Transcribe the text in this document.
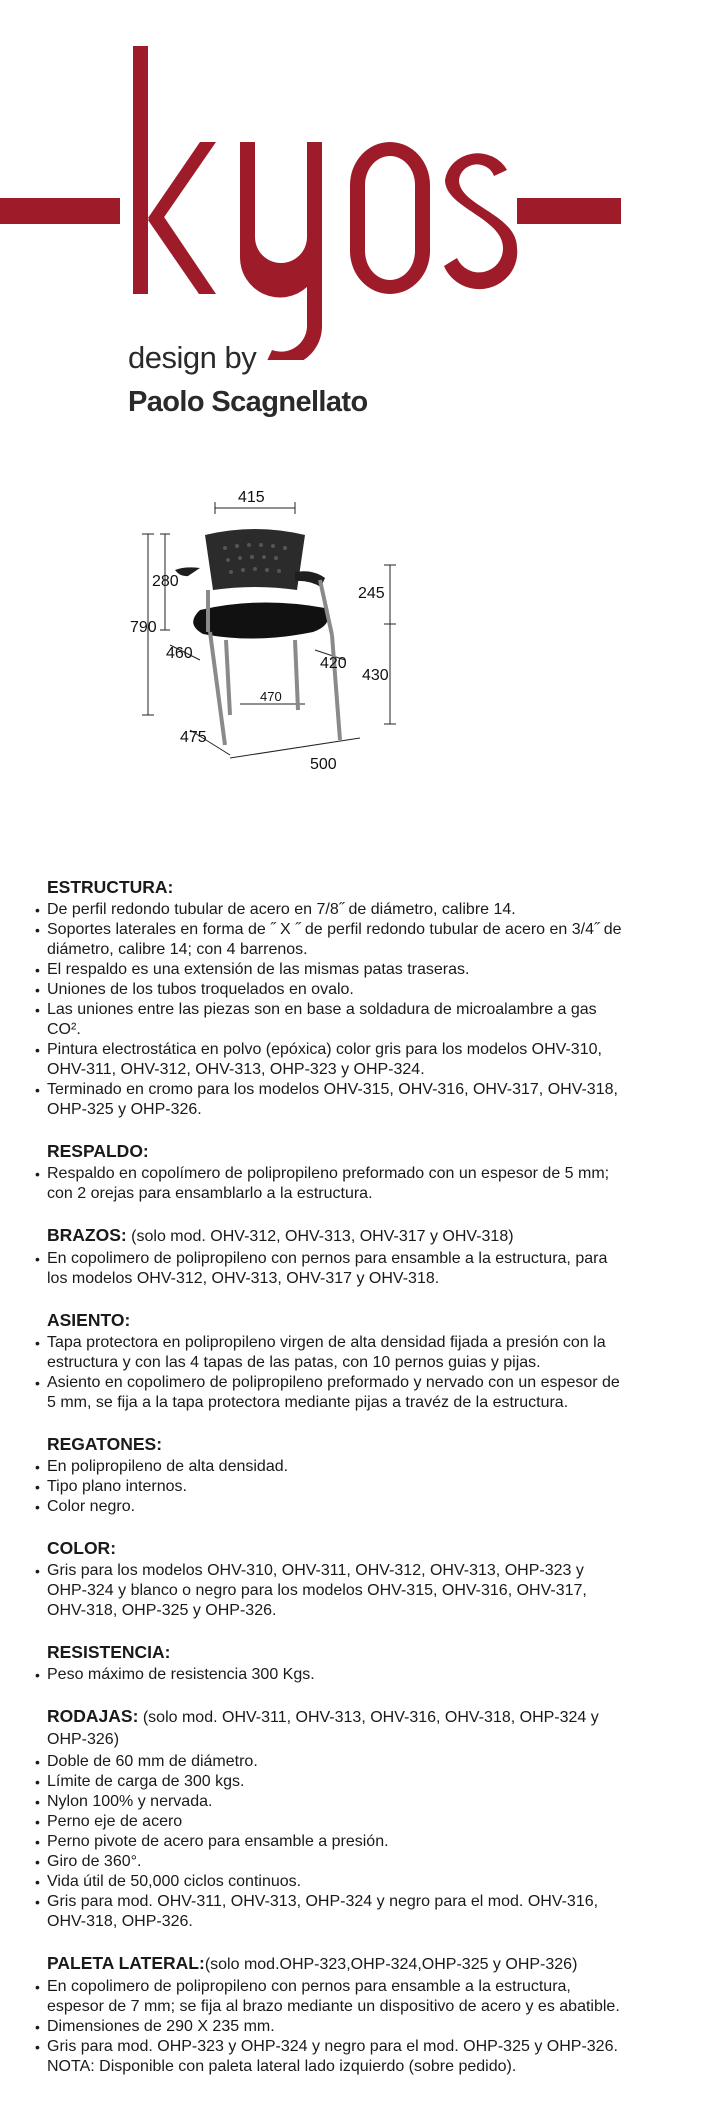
design by
Paolo Scagnellato
415
280
790
245
460
420
430
470
475
500
ESTRUCTURA:
• De perfil redondo tubular de acero en 7/8˝ de diámetro, calibre 14.
• Soportes laterales en forma de ˝ X ˝ de perfil redondo tubular de acero en 3/4˝ de
diámetro, calibre 14; con 4 barrenos.
• El respaldo es una extensión de las mismas patas traseras.
• Uniones de los tubos troquelados en ovalo.
• Las uniones entre las piezas son en base a soldadura de microalambre a gas
CO².
• Pintura electrostática en polvo (epóxica) color gris para los modelos OHV-310,
OHV-311, OHV-312, OHV-313, OHP-323 y OHP-324.
• Terminado en cromo para los modelos OHV-315, OHV-316, OHV-317, OHV-318,
OHP-325 y OHP-326.
RESPALDO:
• Respaldo en copolímero de polipropileno preformado con un espesor de 5 mm;
con 2 orejas para ensamblarlo a la estructura.
BRAZOS: (solo mod. OHV-312, OHV-313, OHV-317 y OHV-318)
• En copolimero de polipropileno con pernos para ensamble a la estructura, para
los modelos OHV-312, OHV-313, OHV-317 y OHV-318.
ASIENTO:
• Tapa protectora en polipropileno virgen de alta densidad fijada a presión con la
estructura y con las 4 tapas de las patas, con 10 pernos guias y pijas.
• Asiento en copolimero de polipropileno preformado y nervado con un espesor de
5 mm, se fija a la tapa protectora mediante pijas a travéz de la estructura.
REGATONES:
• En polipropileno de alta densidad.
• Tipo plano internos.
• Color negro.
COLOR:
• Gris para los modelos OHV-310, OHV-311, OHV-312, OHV-313, OHP-323 y
OHP-324 y blanco o negro para los modelos OHV-315, OHV-316, OHV-317,
OHV-318, OHP-325 y OHP-326.
RESISTENCIA:
• Peso máximo de resistencia 300 Kgs.
RODAJAS: (solo mod. OHV-311, OHV-313, OHV-316, OHV-318, OHP-324 y
OHP-326)
• Doble de 60 mm de diámetro.
• Límite de carga de 300 kgs.
• Nylon 100% y nervada.
• Perno eje de acero
• Perno pivote de acero para ensamble a presión.
• Giro de 360°.
• Vida útil de 50,000 ciclos continuos.
• Gris para mod. OHV-311, OHV-313, OHP-324 y negro para el mod. OHV-316,
OHV-318, OHP-326.
PALETA LATERAL:(solo mod.OHP-323,OHP-324,OHP-325 y OHP-326)
• En copolimero de polipropileno con pernos para ensamble a la estructura,
espesor de 7 mm; se fija al brazo mediante un dispositivo de acero y es abatible.
• Dimensiones de 290 X 235 mm.
• Gris para mod. OHP-323 y OHP-324 y negro para el mod. OHP-325 y OHP-326.
NOTA: Disponible con paleta lateral lado izquierdo (sobre pedido).
